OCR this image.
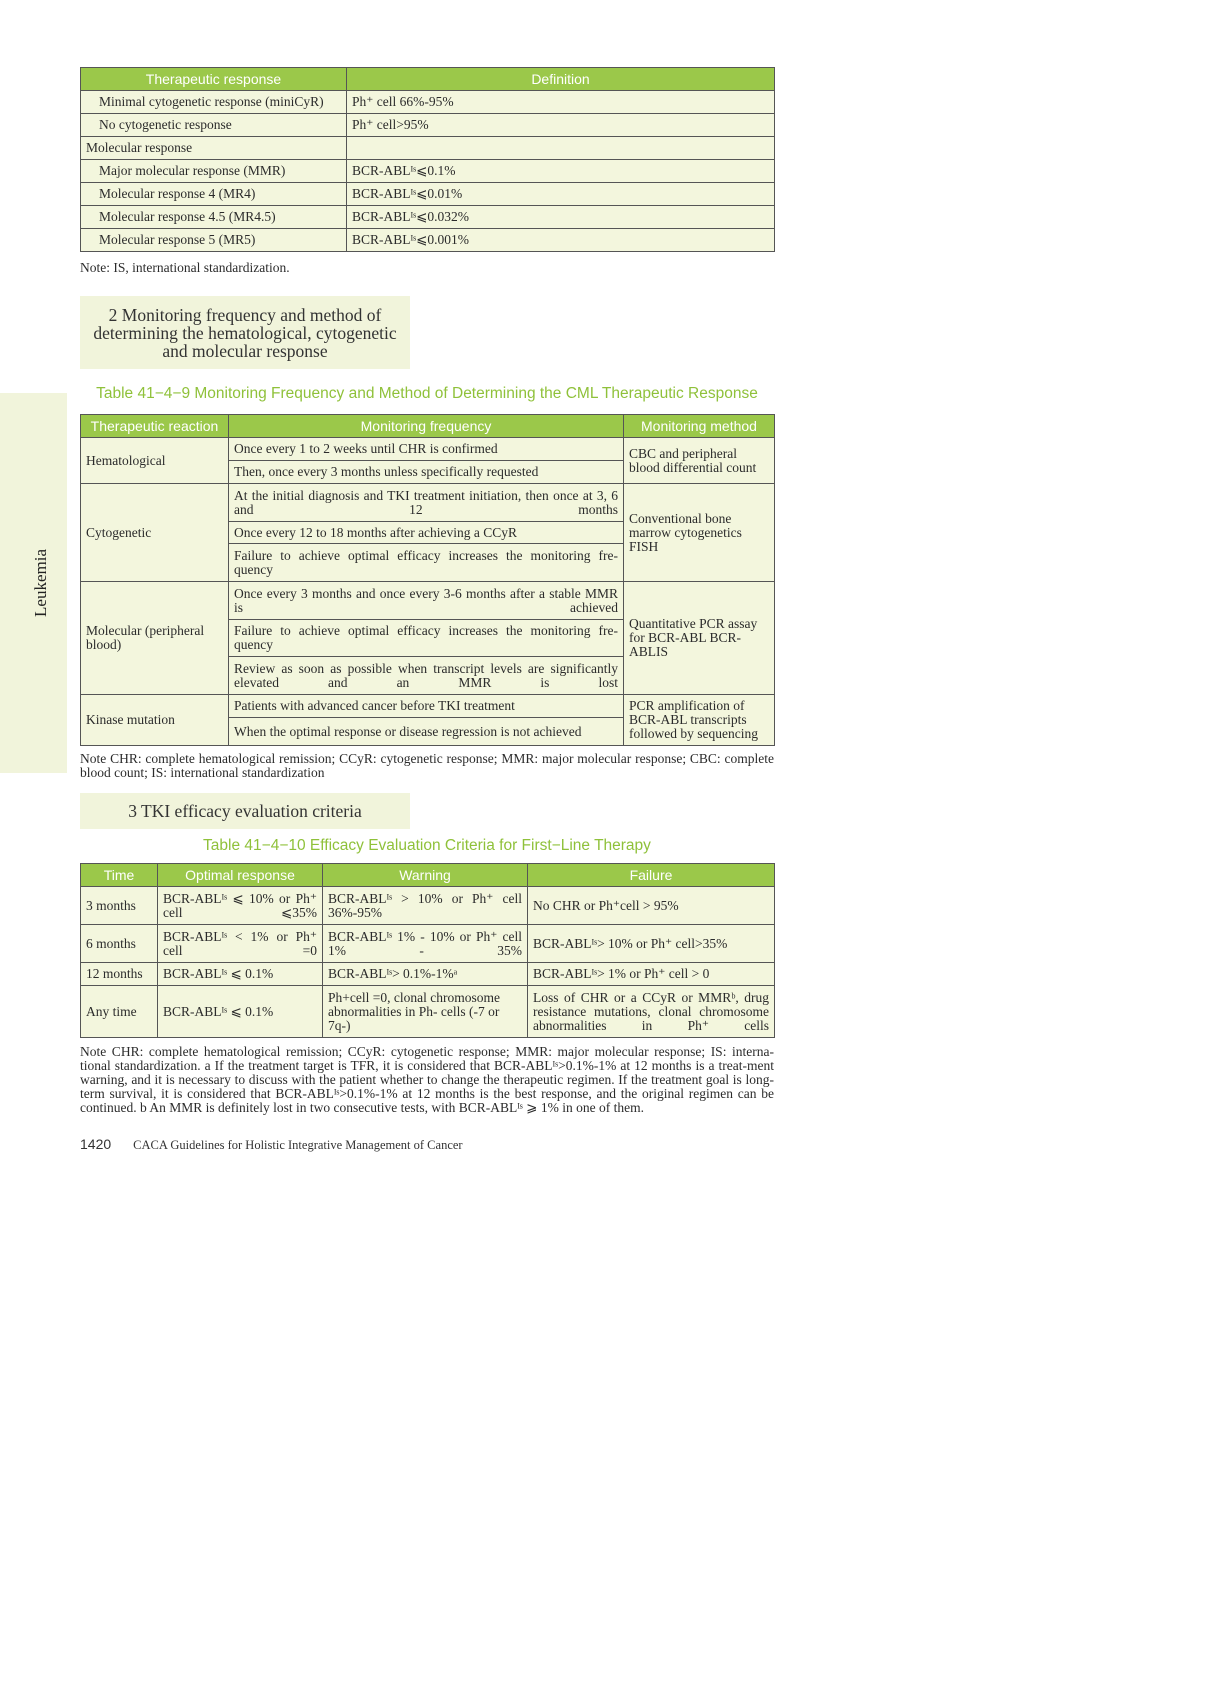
Leukemia
Therapeutic response	Definition
Minimal cytogenetic response (miniCyR)	Ph⁺ cell 66%-95%
No cytogenetic response	Ph⁺ cell>95%
Molecular response	
Major molecular response (MMR)	BCR-ABLᴵˢ⩽0.1%
Molecular response 4 (MR4)	BCR-ABLᴵˢ⩽0.01%
Molecular response 4.5 (MR4.5)	BCR-ABLᴵˢ⩽0.032%
Molecular response 5 (MR5)	BCR-ABLᴵˢ⩽0.001%
Note: IS, international standardization.
2 Monitoring frequency and method of determining the hematological, cytogenetic and molecular response
Table 41−4−9 Monitoring Frequency and Method of Determining the CML Therapeutic Response
Therapeutic reaction	Monitoring frequency	Monitoring method
Hematological	Once every 1 to 2 weeks until CHR is confirmed	CBC and peripheral blood differential count
	Then, once every 3 months unless specifically requested	
Cytogenetic	At the initial diagnosis and TKI treatment initiation, then once at 3, 6 and 12 months	Conventional bone marrow cytogenetics FISH
	Once every 12 to 18 months after achieving a CCyR	
	Failure to achieve optimal efficacy increases the monitoring fre-quency	
Molecular (peripheral blood)	Once every 3 months and once every 3-6 months after a stable MMR is achieved	Quantitative PCR assay for BCR-ABL BCR- ABLIS
	Failure to achieve optimal efficacy increases the monitoring fre-quency	
	Review as soon as possible when transcript levels are significantly elevated and an MMR is lost	
Kinase mutation	Patients with advanced cancer before TKI treatment	PCR amplification of BCR-ABL transcripts followed by sequencing
	When the optimal response or disease regression is not achieved	
Note CHR: complete hematological remission; CCyR: cytogenetic response; MMR: major molecular response; CBC: complete blood count; IS: international standardization
3 TKI efficacy evaluation criteria
Table 41−4−10 Efficacy Evaluation Criteria for First−Line Therapy
Time	Optimal response	Warning	Failure
3 months	BCR-ABLᴵˢ ⩽ 10% or Ph⁺ cell ⩽35%	BCR-ABLᴵˢ > 10% or Ph⁺ cell 36%-95%	No CHR or Ph⁺cell > 95%
6 months	BCR-ABLᴵˢ < 1% or Ph⁺ cell =0	BCR-ABLᴵˢ 1% - 10% or Ph⁺ cell 1% - 35%	BCR-ABLᴵˢ> 10% or Ph⁺ cell>35%
12 months	BCR-ABLᴵˢ ⩽ 0.1%	BCR-ABLᴵˢ> 0.1%-1%ᵃ	BCR-ABLᴵˢ> 1% or Ph⁺ cell > 0
Any time	BCR-ABLᴵˢ ⩽ 0.1%	Ph+cell =0, clonal chromosome abnormalities in Ph- cells (-7 or 7q-)	Loss of CHR or a CCyR or MMRᵇ, drug resistance mutations, clonal chromosome abnormalities in Ph⁺ cells
Note CHR: complete hematological remission; CCyR: cytogenetic response; MMR: major molecular response; IS: interna-tional standardization. a If the treatment target is TFR, it is considered that BCR-ABLᴵˢ>0.1%-1% at 12 months is a treat-ment warning, and it is necessary to discuss with the patient whether to change the therapeutic regimen. If the treatment goal is long-term survival, it is considered that BCR-ABLᴵˢ>0.1%-1% at 12 months is the best response, and the original regimen can be continued. b An MMR is definitely lost in two consecutive tests, with BCR-ABLᴵˢ ⩾ 1% in one of them.
1420 CACA Guidelines for Holistic Integrative Management of Cancer
